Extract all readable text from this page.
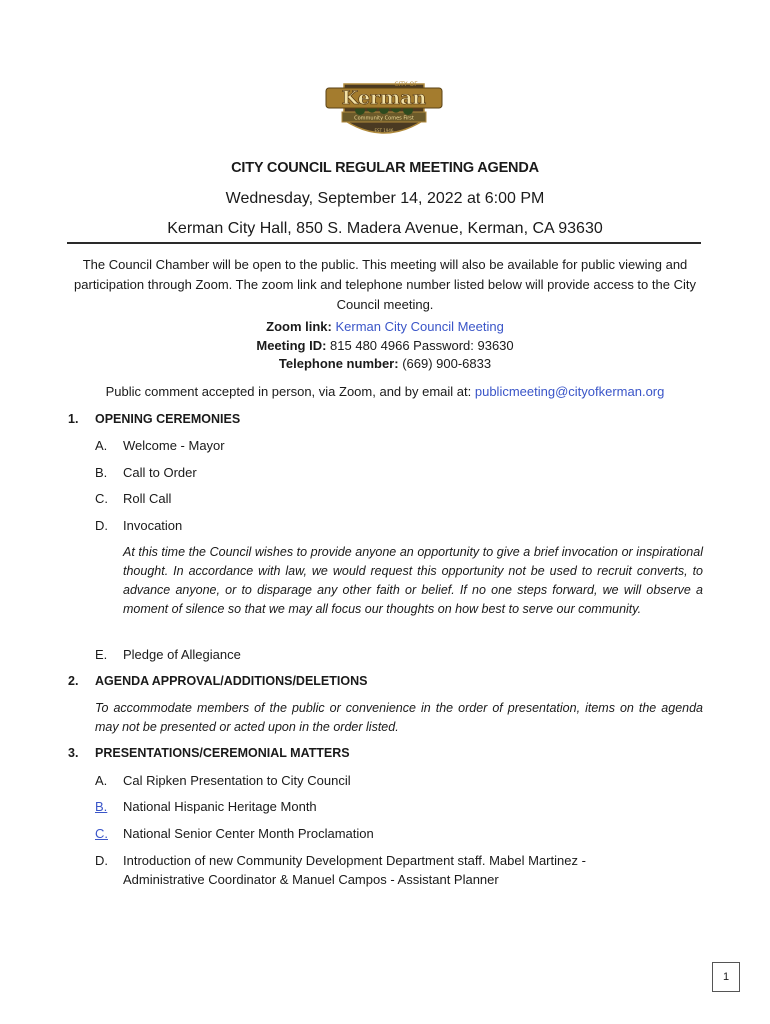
Kerman
CITY OF
Community Comes First
EST 1946
CITY COUNCIL REGULAR MEETING AGENDA
Wednesday, September 14, 2022 at 6:00 PM
Kerman City Hall, 850 S. Madera Avenue, Kerman, CA 93630
The Council Chamber will be open to the public. This meeting will also be available for public viewing and participation through Zoom. The zoom link and telephone number listed below will provide access to the City Council meeting.
Zoom link: Kerman City Council Meeting
Meeting ID: 815 480 4966 Password: 93630
Telephone number: (669) 900-6833
Public comment accepted in person, via Zoom, and by email at: publicmeeting@cityofkerman.org
1. OPENING CEREMONIES
A. Welcome - Mayor
B. Call to Order
C. Roll Call
D. Invocation
At this time the Council wishes to provide anyone an opportunity to give a brief invocation or inspirational thought. In accordance with law, we would request this opportunity not be used to recruit converts, to advance anyone, or to disparage any other faith or belief. If no one steps forward, we will observe a moment of silence so that we may all focus our thoughts on how best to serve our community.
E. Pledge of Allegiance
2. AGENDA APPROVAL/ADDITIONS/DELETIONS
To accommodate members of the public or convenience in the order of presentation, items on the agenda may not be presented or acted upon in the order listed.
3. PRESENTATIONS/CEREMONIAL MATTERS
A. Cal Ripken Presentation to City Council
B. National Hispanic Heritage Month
C. National Senior Center Month Proclamation
D. Introduction of new Community Development Department staff. Mabel Martinez - Administrative Coordinator & Manuel Campos - Assistant Planner
1
